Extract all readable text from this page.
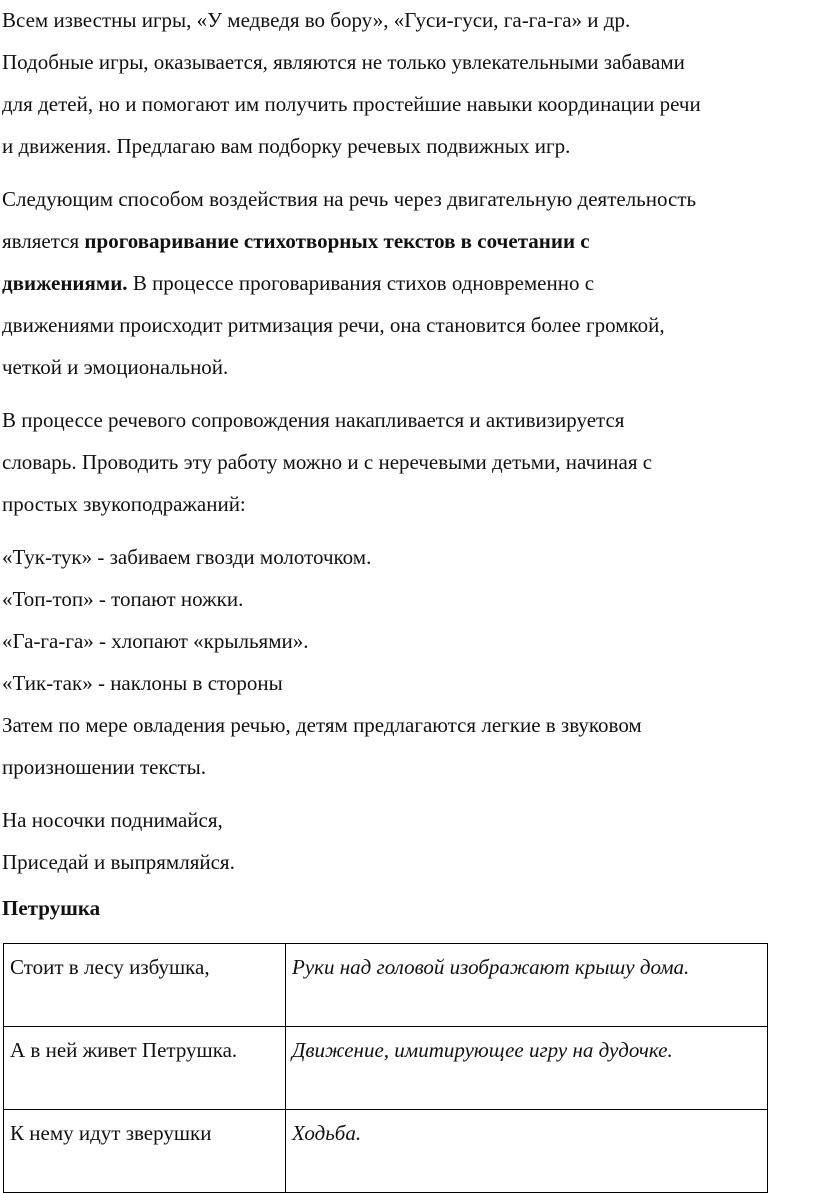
Всем известны игры, «У медведя во бору», «Гуси-гуси, га-га-га» и др.

Подобные игры, оказывается, являются не только увлекательными забавами

для детей, но и помогают им получить простейшие навыки координации речи

и движения. Предлагаю вам подборку речевых подвижных игр.

Следующим способом воздействия на речь через двигательную деятельность

является проговаривание стихотворных текстов в сочетании с

движениями. В процессе проговаривания стихов одновременно с

движениями происходит ритмизация речи, она становится более громкой,

четкой и эмоциональной.

В процессе речевого сопровождения накапливается и активизируется

словарь. Проводить эту работу можно и с неречевыми детьми, начиная с

простых звукоподражаний:

«Тук-тук» - забиваем гвозди молоточком.

«Топ-топ» - топают ножки.

«Га-га-га» - хлопают «крыльями».

«Тик-так» - наклоны в стороны

Затем по мере овладения речью, детям предлагаются легкие в звуковом

произношении тексты.

На носочки поднимайся,

Приседай и выпрямляйся.

Петрушка

Стоит в лесу избушка,	Руки над головой изображают крышу дома.
А в ней живет Петрушка.	Движение, имитирующее игру на дудочке.
К нему идут зверушки	Ходьба.
